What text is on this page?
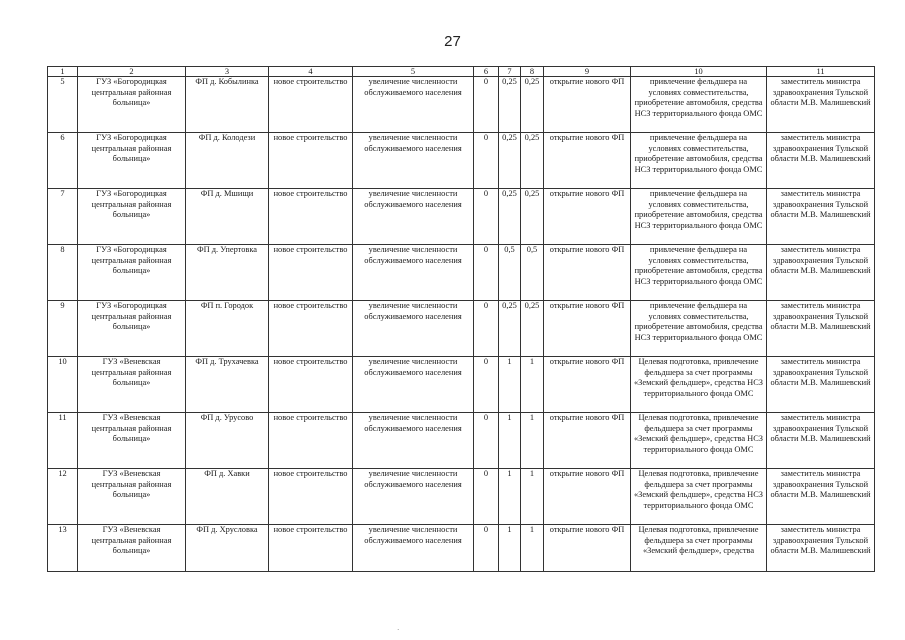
27
1	2	3	4	5	6	7	8	9	10	11
5	ГУЗ «Богородицкая центральная районная больница»	ФП д. Кобылинка	новое строительство	увеличение численности обслуживаемого населения	0	0,25	0,25	открытие нового ФП	привлечение фельдшера на условиях совместительства, приобретение автомобиля, средства НСЗ территориального фонда ОМС	заместитель министра здравоохранения Тульской области М.В. Малишевский
6	ГУЗ «Богородицкая центральная районная больница»	ФП д. Колодези	новое строительство	увеличение численности обслуживаемого населения	0	0,25	0,25	открытие нового ФП	привлечение фельдшера на условиях совместительства, приобретение автомобиля, средства НСЗ территориального фонда ОМС	заместитель министра здравоохранения Тульской области М.В. Малишевский
7	ГУЗ «Богородицкая центральная районная больница»	ФП д. Мшищи	новое строительство	увеличение численности обслуживаемого населения	0	0,25	0,25	открытие нового ФП	привлечение фельдшера на условиях совместительства, приобретение автомобиля, средства НСЗ территориального фонда ОМС	заместитель министра здравоохранения Тульской области М.В. Малишевский
8	ГУЗ «Богородицкая центральная районная больница»	ФП д. Упертовка	новое строительство	увеличение численности обслуживаемого населения	0	0,5	0,5	открытие нового ФП	привлечение фельдшера на условиях совместительства, приобретение автомобиля, средства НСЗ территориального фонда ОМС	заместитель министра здравоохранения Тульской области М.В. Малишевский
9	ГУЗ «Богородицкая центральная районная больница»	ФП п. Городок	новое строительство	увеличение численности обслуживаемого населения	0	0,25	0,25	открытие нового ФП	привлечение фельдшера на условиях совместительства, приобретение автомобиля, средства НСЗ территориального фонда ОМС	заместитель министра здравоохранения Тульской области М.В. Малишевский
10	ГУЗ «Веневская центральная районная больница»	ФП д. Трухачевка	новое строительство	увеличение численности обслуживаемого населения	0	1	1	открытие нового ФП	Целевая подготовка, привлечение фельдшера за счет программы «Земский фельдшер», средства НСЗ территориального фонда ОМС	заместитель министра здравоохранения Тульской области М.В. Малишевский
11	ГУЗ «Веневская центральная районная больница»	ФП д. Урусово	новое строительство	увеличение численности обслуживаемого населения	0	1	1	открытие нового ФП	Целевая подготовка, привлечение фельдшера за счет программы «Земский фельдшер», средства НСЗ территориального фонда ОМС	заместитель министра здравоохранения Тульской области М.В. Малишевский
12	ГУЗ «Веневская центральная районная больница»	ФП д. Хавки	новое строительство	увеличение численности обслуживаемого населения	0	1	1	открытие нового ФП	Целевая подготовка, привлечение фельдшера за счет программы «Земский фельдшер», средства НСЗ территориального фонда ОМС	заместитель министра здравоохранения Тульской области М.В. Малишевский
13	ГУЗ «Веневская центральная районная больница»	ФП д. Хрусловка	новое строительство	увеличение численности обслуживаемого населения	0	1	1	открытие нового ФП	Целевая подготовка, привлечение фельдшера за счет программы «Земский фельдшер», средства	заместитель министра здравоохранения Тульской области М.В. Малишевский
·
